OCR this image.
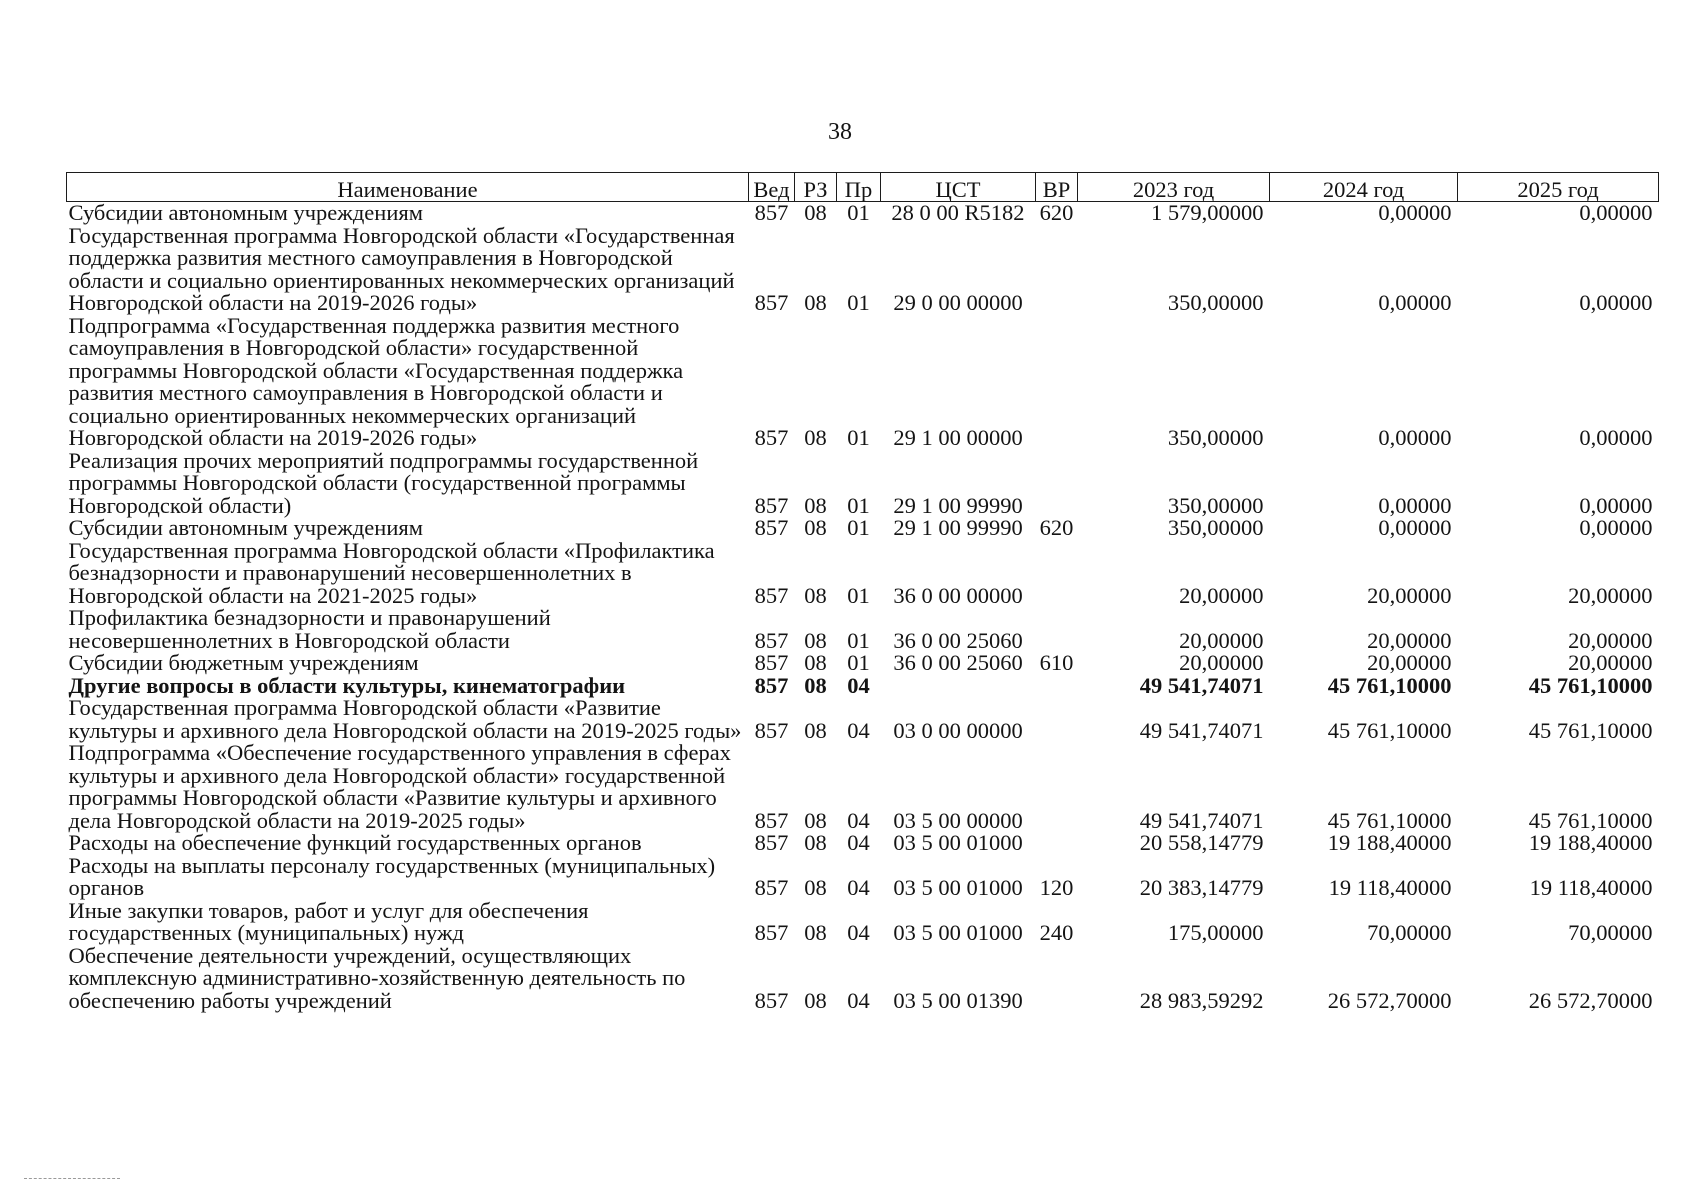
38
Наименование	Вед	РЗ	Пр	ЦСТ	ВР	2023 год	2024 год	2025 год
Субсидии автономным учреждениям	857	08	01	28 0 00 R5182	620	1 579,00000	0,00000	0,00000
Государственная программа Новгородской области «Государственная поддержка развития местного самоуправления в Новгородской области и социально ориентированных некоммерческих организаций Новгородской области на 2019-2026 годы»	857	08	01	29 0 00 00000		350,00000	0,00000	0,00000
Подпрограмма «Государственная поддержка развития местного самоуправления в Новгородской области» государственной программы Новгородской области «Государственная поддержка развития местного самоуправления в Новгородской области и социально ориентированных некоммерческих организаций Новгородской области на 2019-2026 годы»	857	08	01	29 1 00 00000		350,00000	0,00000	0,00000
Реализация прочих мероприятий подпрограммы государственной программы Новгородской области (государственной программы Новгородской области)	857	08	01	29 1 00 99990		350,00000	0,00000	0,00000
Субсидии автономным учреждениям	857	08	01	29 1 00 99990	620	350,00000	0,00000	0,00000
Государственная программа Новгородской области «Профилактика безнадзорности и правонарушений несовершеннолетних в Новгородской области на 2021-2025 годы»	857	08	01	36 0 00 00000		20,00000	20,00000	20,00000
Профилактика безнадзорности и правонарушений несовершеннолетних в Новгородской области	857	08	01	36 0 00 25060		20,00000	20,00000	20,00000
Субсидии бюджетным учреждениям	857	08	01	36 0 00 25060	610	20,00000	20,00000	20,00000
Другие вопросы в области культуры, кинематографии	857	08	04			49 541,74071	45 761,10000	45 761,10000
Государственная программа Новгородской области «Развитие культуры и архивного дела Новгородской области на 2019-2025 годы»	857	08	04	03 0 00 00000		49 541,74071	45 761,10000	45 761,10000
Подпрограмма «Обеспечение государственного управления в сферах культуры и архивного дела Новгородской области» государственной программы Новгородской области «Развитие культуры и архивного дела Новгородской области на 2019-2025 годы»	857	08	04	03 5 00 00000		49 541,74071	45 761,10000	45 761,10000
Расходы на обеспечение функций государственных органов	857	08	04	03 5 00 01000		20 558,14779	19 188,40000	19 188,40000
Расходы на выплаты персоналу государственных (муниципальных) органов	857	08	04	03 5 00 01000	120	20 383,14779	19 118,40000	19 118,40000
Иные закупки товаров, работ и услуг для обеспечения государственных (муниципальных) нужд	857	08	04	03 5 00 01000	240	175,00000	70,00000	70,00000
Обеспечение деятельности учреждений, осуществляющих комплексную административно-хозяйственную деятельность по обеспечению работы учреждений	857	08	04	03 5 00 01390		28 983,59292	26 572,70000	26 572,70000
